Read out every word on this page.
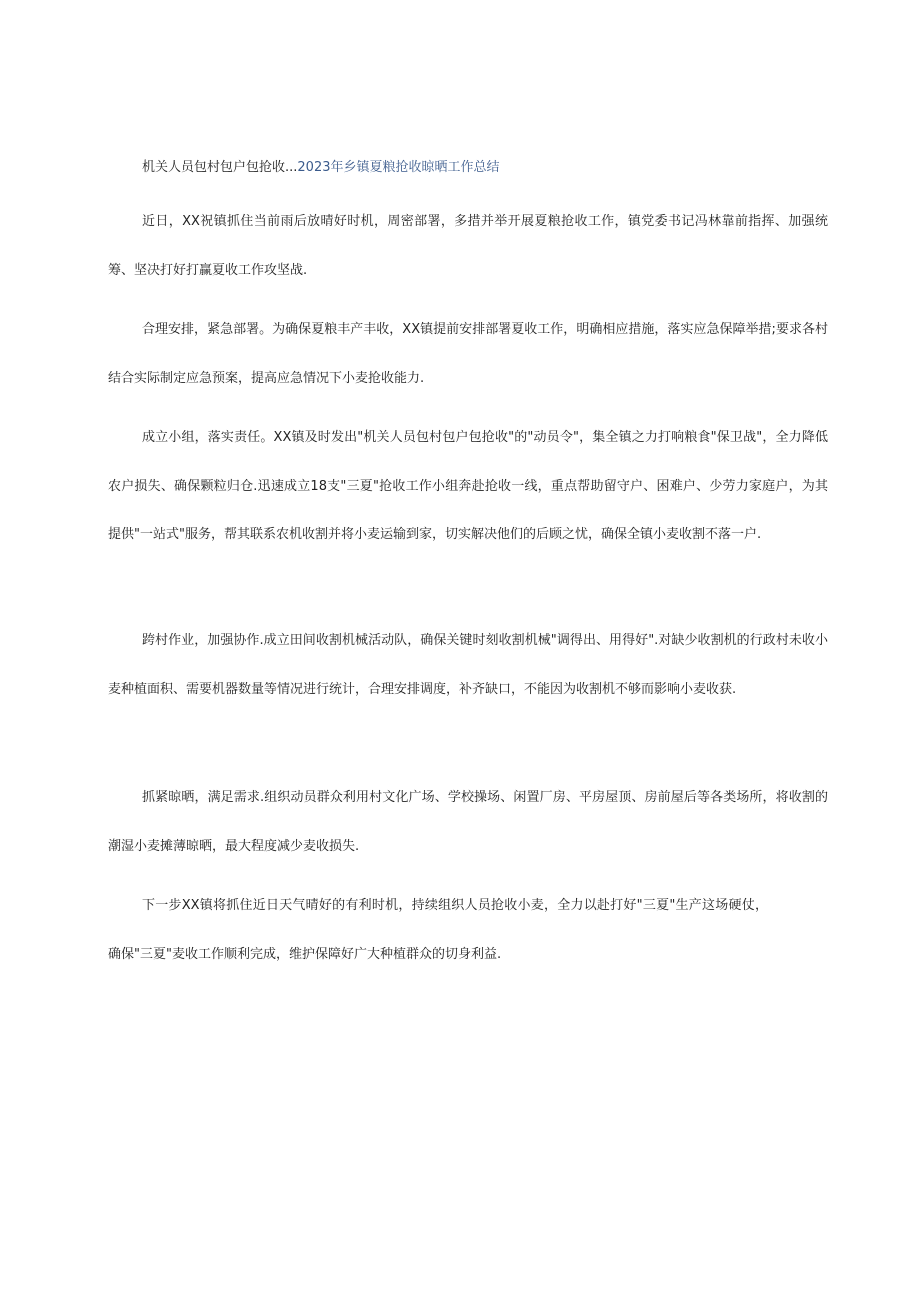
机关人员包村包户包抢收...2023年乡镇夏粮抢收晾晒工作总结

近日，XX祝镇抓住当前雨后放晴好时机，周密部署，多措并举开展夏粮抢收工作，镇党委书记冯林靠前指挥、加强统筹、坚决打好打赢夏收工作攻坚战.

合理安排，紧急部署。为确保夏粮丰产丰收，XX镇提前安排部署夏收工作，明确相应措施，落实应急保障举措;要求各村结合实际制定应急预案，提高应急情况下小麦抢收能力.

成立小组，落实责任。XX镇及时发出"机关人员包村包户包抢收"的"动员令"，集全镇之力打响粮食"保卫战"，全力降低农户损失、确保颗粒归仓.迅速成立18支"三夏"抢收工作小组奔赴抢收一线，重点帮助留守户、困难户、少劳力家庭户，为其提供"一站式"服务，帮其联系农机收割并将小麦运输到家，切实解决他们的后顾之忧，确保全镇小麦收割不落一户.

跨村作业，加强协作.成立田间收割机械活动队，确保关键时刻收割机械"调得出、用得好".对缺少收割机的行政村未收小麦种植面积、需要机器数量等情况进行统计，合理安排调度，补齐缺口，不能因为收割机不够而影响小麦收获.

抓紧晾晒，满足需求.组织动员群众利用村文化广场、学校操场、闲置厂房、平房屋顶、房前屋后等各类场所，将收割的潮湿小麦摊薄晾晒，最大程度减少麦收损失.

下一步XX镇将抓住近日天气晴好的有利时机，持续组织人员抢收小麦，全力以赴打好"三夏"生产这场硬仗，确保"三夏"麦收工作顺利完成，维护保障好广大种植群众的切身利益.
